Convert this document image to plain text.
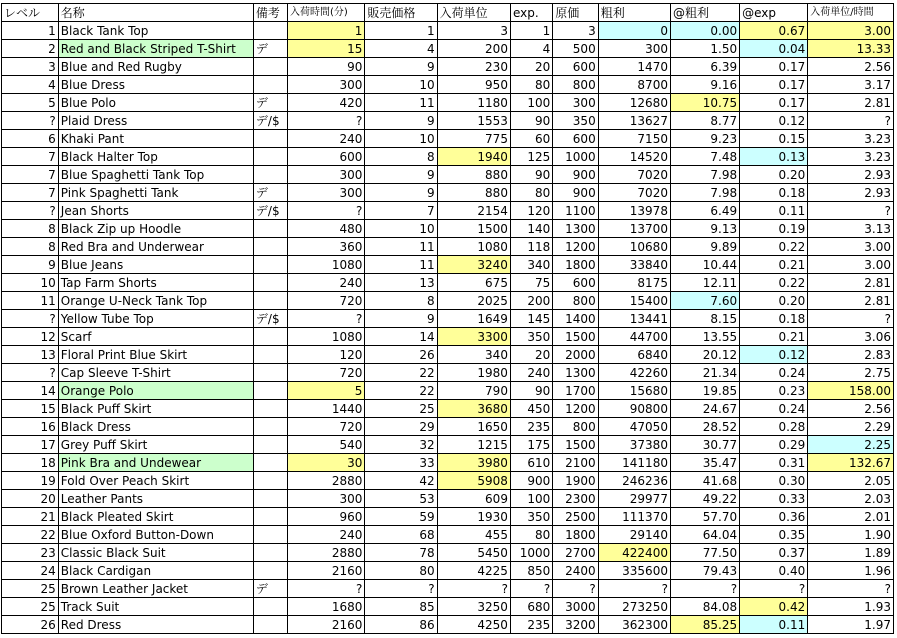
レベル	名称	備考	入荷時間(分)	販売価格	入荷単位	exp.	原価	粗利	@粗利	@exp	入荷単位/時間
1	Black Tank Top		1	1	3	1	3	0	0.00	0.67	3.00
2	Red and Black Striped T-Shirt	デ	15	4	200	4	500	300	1.50	0.04	13.33
3	Blue and Red Rugby		90	9	230	20	600	1470	6.39	0.17	2.56
4	Blue Dress		300	10	950	80	800	8700	9.16	0.17	3.17
5	Blue Polo	デ	420	11	1180	100	300	12680	10.75	0.17	2.81
?	Plaid Dress	デ/$	?	9	1553	90	350	13627	8.77	0.12	?
6	Khaki Pant		240	10	775	60	600	7150	9.23	0.15	3.23
7	Black Halter Top		600	8	1940	125	1000	14520	7.48	0.13	3.23
7	Blue Spaghetti Tank Top		300	9	880	90	900	7020	7.98	0.20	2.93
7	Pink Spaghetti Tank	デ	300	9	880	80	900	7020	7.98	0.18	2.93
?	Jean Shorts	デ/$	?	7	2154	120	1100	13978	6.49	0.11	?
8	Black Zip up Hoodle		480	10	1500	140	1300	13700	9.13	0.19	3.13
8	Red Bra and Underwear		360	11	1080	118	1200	10680	9.89	0.22	3.00
9	Blue Jeans		1080	11	3240	340	1800	33840	10.44	0.21	3.00
10	Tap Farm Shorts		240	13	675	75	600	8175	12.11	0.22	2.81
11	Orange U-Neck Tank Top		720	8	2025	200	800	15400	7.60	0.20	2.81
?	Yellow Tube Top	デ/$	?	9	1649	145	1400	13441	8.15	0.18	?
12	Scarf		1080	14	3300	350	1500	44700	13.55	0.21	3.06
13	Floral Print Blue Skirt		120	26	340	20	2000	6840	20.12	0.12	2.83
?	Cap Sleeve T-Shirt		720	22	1980	240	1300	42260	21.34	0.24	2.75
14	Orange Polo		5	22	790	90	1700	15680	19.85	0.23	158.00
15	Black Puff Skirt		1440	25	3680	450	1200	90800	24.67	0.24	2.56
16	Black Dress		720	29	1650	235	800	47050	28.52	0.28	2.29
17	Grey Puff Skirt		540	32	1215	175	1500	37380	30.77	0.29	2.25
18	Pink Bra and Undewear		30	33	3980	610	2100	141180	35.47	0.31	132.67
19	Fold Over Peach Skirt		2880	42	5908	900	1900	246236	41.68	0.30	2.05
20	Leather Pants		300	53	609	100	2300	29977	49.22	0.33	2.03
21	Black Pleated Skirt		960	59	1930	350	2500	111370	57.70	0.36	2.01
22	Blue Oxford Button-Down		240	68	455	80	1800	29140	64.04	0.35	1.90
23	Classic Black Suit		2880	78	5450	1000	2700	422400	77.50	0.37	1.89
24	Black Cardigan		2160	80	4225	850	2400	335600	79.43	0.40	1.96
25	Brown Leather Jacket	デ	?	?	?	?	?	?	?	?	?
25	Track Suit		1680	85	3250	680	3000	273250	84.08	0.42	1.93
26	Red Dress		2160	86	4250	235	3200	362300	85.25	0.11	1.97
